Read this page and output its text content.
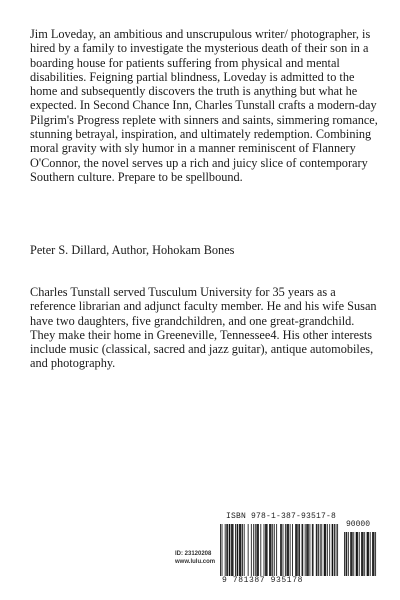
Jim Loveday, an ambitious and unscrupulous writer/ photographer, is hired by a family to investigate the mysterious death of their son in a boarding house for patients suffering from physical and mental disabilities. Feigning partial blindness, Loveday is admitted to the home and subsequently discovers the truth is anything but what he expected. In Second Chance Inn, Charles Tunstall crafts a modern-day Pilgrim's Progress replete with sinners and saints, simmering romance, stunning betrayal, inspiration, and ultimately redemption. Combining moral gravity with sly humor in a manner reminiscent of Flannery O'Connor, the novel serves up a rich and juicy slice of contemporary Southern culture. Prepare to be spellbound.

Peter S. Dillard, Author, Hohokam Bones

Charles Tunstall served Tusculum University for 35 years as a reference librarian and adjunct faculty member. He and his wife Susan have two daughters, five grandchildren, and one great-grandchild. They make their home in Greeneville, Tennessee4. His other interests include music (classical, sacred and jazz guitar), antique automobiles, and photography.

ID: 23120208
www.lulu.com
ISBN 978-1-387-93517-8
90000
9 781387 935178
